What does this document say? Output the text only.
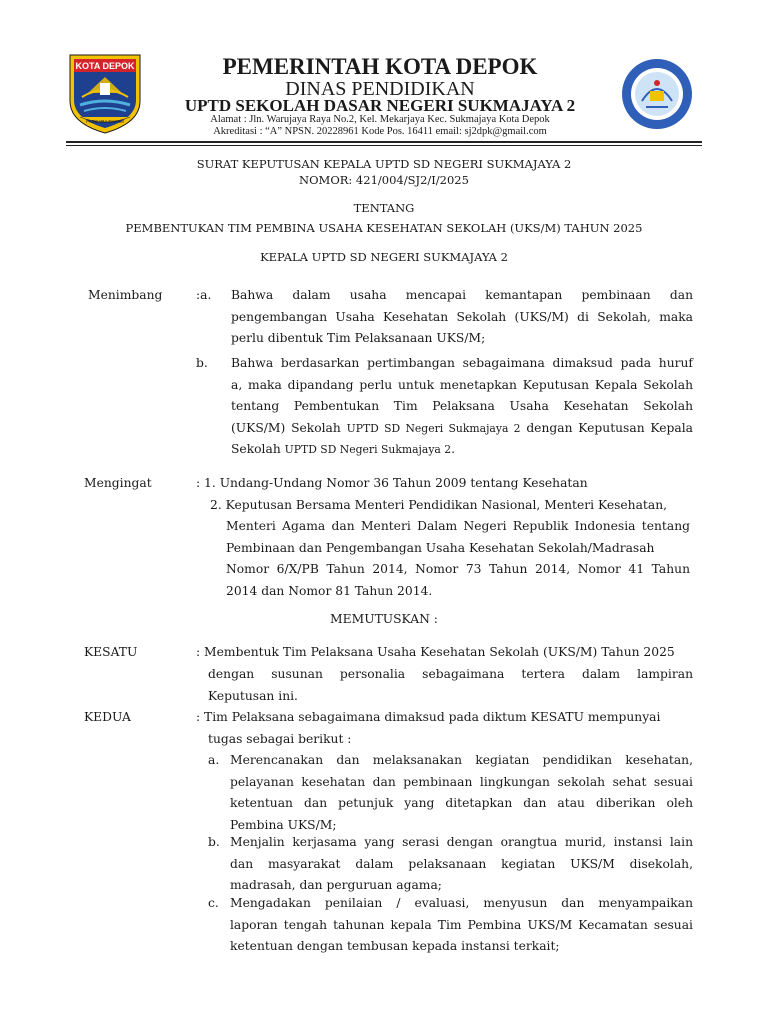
KOTA DEPOK
PARCARA DAYAM
PEMERINTAH KOTA DEPOK
DINAS PENDIDIKAN
UPTD SEKOLAH DASAR NEGERI SUKMAJAYA 2
Alamat : Jln. Warujaya Raya No.2, Kel. Mekarjaya Kec. Sukmajaya Kota Depok
Akreditasi : “A” NPSN. 20228961 Kode Pos. 16411 email: sj2dpk@gmail.com
SURAT KEPUTUSAN KEPALA UPTD SD NEGERI SUKMAJAYA 2
NOMOR: 421/004/SJ2/I/2025
TENTANG
PEMBENTUKAN TIM PEMBINA USAHA KESEHATAN SEKOLAH (UKS/M) TAHUN 2025
KEPALA UPTD SD NEGERI SUKMAJAYA 2
Menimbang	:a. Bahwa dalam usaha mencapai kemantapan pembinaan dan
pengembangan Usaha Kesehatan Sekolah (UKS/M) di Sekolah, maka
perlu dibentuk Tim Pelaksanaan UKS/M;
b. Bahwa berdasarkan pertimbangan sebagaimana dimaksud pada huruf
a, maka dipandang perlu untuk menetapkan Keputusan Kepala Sekolah
tentang Pembentukan Tim Pelaksana Usaha Kesehatan Sekolah
(UKS/M) Sekolah UPTD SD Negeri Sukmajaya 2 dengan Keputusan Kepala
Sekolah UPTD SD Negeri Sukmajaya 2.
Mengingat	: 1. Undang-Undang Nomor 36 Tahun 2009 tentang Kesehatan
2. Keputusan Bersama Menteri Pendidikan Nasional, Menteri Kesehatan,
Menteri Agama dan Menteri Dalam Negeri Republik Indonesia tentang
Pembinaan dan Pengembangan Usaha Kesehatan Sekolah/Madrasah
Nomor 6/X/PB Tahun 2014, Nomor 73 Tahun 2014, Nomor 41 Tahun
2014 dan Nomor 81 Tahun 2014.
MEMUTUSKAN :
KESATU	: Membentuk Tim Pelaksana Usaha Kesehatan Sekolah (UKS/M) Tahun 2025
dengan susunan personalia sebagaimana tertera dalam lampiran
Keputusan ini.
KEDUA	: Tim Pelaksana sebagaimana dimaksud pada diktum KESATU mempunyai
tugas sebagai berikut :
a. Merencanakan dan melaksanakan kegiatan pendidikan kesehatan,
pelayanan kesehatan dan pembinaan lingkungan sekolah sehat sesuai
ketentuan dan petunjuk yang ditetapkan dan atau diberikan oleh
Pembina UKS/M;
b. Menjalin kerjasama yang serasi dengan orangtua murid, instansi lain
dan masyarakat dalam pelaksanaan kegiatan UKS/M disekolah,
madrasah, dan perguruan agama;
c. Mengadakan penilaian / evaluasi, menyusun dan menyampaikan
laporan tengah tahunan kepala Tim Pembina UKS/M Kecamatan sesuai
ketentuan dengan tembusan kepada instansi terkait;
